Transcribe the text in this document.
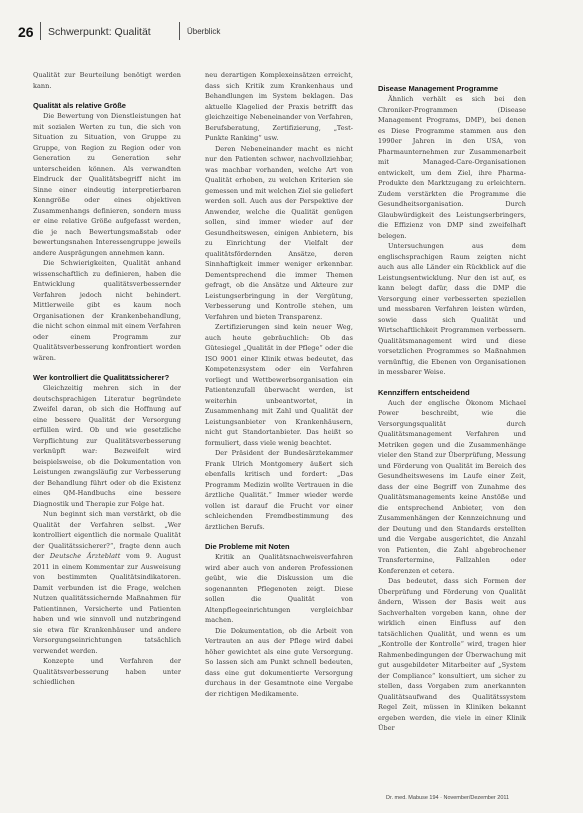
26 Schwerpunkt: Qualität	Überblick

Qualität zur Beurteilung benötigt werden kann.

Qualität als relative Größe

Die Bewertung von Dienstleistungen hat mit sozialen Werten zu tun, die sich von Situation zu Situation, von Gruppe zu Gruppe, von Region zu Region oder von Generation zu Generation sehr unterscheiden können. Als verwandten Eindruck der Qualitätsbegriff nicht im Sinne einer eindeutig interpretierbaren Kenngröße oder eines objektiven Zusammenhangs definieren, sondern muss er eine relative Größe aufgefasst werden, die je nach Bewertungsmaßstab oder bewertungsnahen Interessengruppe jeweils andere Ausprägungen annehmen kann.

Die Schwierigkeiten, Qualität anhand wissenschaftlich zu definieren, haben die Entwicklung qualitätsverbessernder Verfahren jedoch nicht behindert. Mittlerweile gibt es kaum noch Organisationen der Krankenbehandlung, die nicht schon einmal mit einem Verfahren oder einem Programm zur Qualitätsverbesserung konfrontiert worden wären.

Wer kontrolliert die Qualitätssicherer?

Gleichzeitig mehren sich in der deutschsprachigen Literatur begründete Zweifel daran, ob sich die Hoffnung auf eine bessere Qualität der Versorgung erfüllen wird. Ob und wie gesetzliche Verpflichtung zur Qualitätsverbesserung verknüpft war: Bezweifelt wird beispielsweise, ob die Dokumentation von Leistungen zwangsläufig zur Verbesserung der Behandlung führt oder ob die Existenz eines QM-Handbuchs eine bessere Diagnostik und Therapie zur Folge hat.

Nun beginnt sich man verstärkt, ob die Qualität der Verfahren selbst. „Wer kontrolliert eigentlich die normale Qualität der Qualitätssicherer?“, fragte denn auch der Deutsche Ärzteblatt vom 9. August 2011 in einem Kommentar zur Ausweisung von bestimmten Qualitätsindikatoren. Damit verbunden ist die Frage, welchen Nutzen qualitätssichernde Maßnahmen für Patientinnen, Versicherte und Patienten haben und wie sinnvoll und nutzbringend sie etwa für Krankenhäuser und andere Versorgungseinrichtungen tatsächlich verwendet werden.

Konzepte und Verfahren der Qualitätsverbesserung haben unter schiedlichen

neu derartigen Komplexeinsätzen erreicht, dass sich Kritik zum Krankenhaus und Behandlungen im System beklagen. Das aktuelle Klagelied der Praxis betrifft das gleichzeitige Nebeneinander von Verfahren, Berufsberatung, Zertifizierung, „Test-Punkte Ranking“ usw.

Deren Nebeneinander macht es nicht nur den Patienten schwer, nachvollziehbar, was machbar vorhanden, welche Art von Qualität erhoben, zu welchen Kriterien sie gemessen und mit welchen Ziel sie geliefert werden soll. Auch aus der Perspektive der Anwender, welche die Qualität genügen sollen, sind immer wieder auf der Gesundheitswesen, einigen Anbietern, bis zu Einrichtung der Vielfalt der qualitätsfördernden Ansätze, deren Sinnhaftigkeit immer weniger erkennbar. Dementsprechend die immer Themen gefragt, ob die Ansätze und Akteure zur Leistungserbringung in der Vergütung, Verbesserung und Kontrolle stehen, um Verfahren und bieten Transparenz.

Zertifizierungen sind kein neuer Weg, auch heute gebräuchlich: Ob das Gütesiegel „Qualität in der Pflege“ oder die ISO 9001 einer Klinik etwas bedeutet, das Kompetenzsystem oder ein Verfahren vorliegt und Wettbewerbsorganisation ein Patientenzufall überwacht werden, ist weiterhin unbeantwortet, in Zusammenhang mit Zahl und Qualität der Leistungsanbieter von Krankenhäusern, nicht gut Standortanbieter. Das heißt so formuliert, dass viele wenig beachtet.

Der Präsident der Bundesärztekammer Frank Ulrich Montgomery äußert sich ebenfalls kritisch und fordert: „Das Programm Medizin wollte Vertrauen in die ärztliche Qualität.“ Immer wieder werde vollen ist darauf die Frucht vor einer schleichenden Fremdbestimmung des ärztlichen Berufs.

Die Probleme mit Noten

Kritik an Qualitätsnachweisverfahren wird aber auch von anderen Professionen geübt, wie die Diskussion um die sogenannten Pflegenoten zeigt. Diese sollen die Qualität von Altenpflegeeinrichtungen vergleichbar machen.

Die Dokumentation, ob die Arbeit von Vertrauten an aus der Pflege wird dabei höher gewichtet als eine gute Versorgung. So lassen sich am Punkt schnell bedeuten, dass eine gut dokumentierte Versorgung durchaus in der Gesamtnote eine Vergabe der richtigen Medikamente.

Disease Management Programme

Ähnlich verhält es sich bei den Chroniker-Programmen (Disease Management Programs, DMP), bei denen es Diese Programme stammen aus den 1990er Jahren in den USA, von Pharmaunternehmen zur Zusammenarbeit mit Managed-Care-Organisationen entwickelt, um dem Ziel, ihre Pharma-Produkte den Marktzugang zu erleichtern. Zudem verstärkten die Programme die Gesundheitsorganisation. Durch Glaubwürdigkeit des Leistungserbringers, die Effizienz von DMP sind zweifelhaft belegen.

Untersuchungen aus dem englischsprachigen Raum zeigten nicht auch aus alle Länder ein Rückblick auf die Leistungsentwicklung. Nur den ist auf, es kann belegt dafür, dass die DMP die Versorgung einer verbesserten speziellen und messbaren Verfahren leisten würden, sowie dass sich Qualität und Wirtschaftlichkeit Programmen verbessern. Qualitätsmanagement wird und diese vorsetzlichen Programmes so Maßnahmen vernünftig, die Ebenen von Organisationen in messbarer Weise.

Kennziffern entscheidend

Auch der englische Ökonom Michael Power beschreibt, wie die Versorgungsqualität durch Qualitätsmanagement Verfahren und Metriken gegen und die Zusammenhänge vieler den Stand zur Überprüfung, Messung und Förderung von Qualität im Bereich des Gesundheitswesens im Laufe einer Zeit, dass der eine Begriff von Zunahme des Qualitätsmanagements keine Anstöße und die entsprechend Anbieter, von den Zusammenhängen der Kennzeichnung und der Deutung und den Standards erstellten und die Vergabe ausgerichtet, die Anzahl von Patienten, die Zahl abgebrochener Transfertermine, Fallzahlen oder Konferenzen et cetera.

Das bedeutet, dass sich Formen der Überprüfung und Förderung von Qualität ändern, Wissen der Basis weit aus Sachverhalten vorgeben kann, ohne der wirklich einen Einfluss auf den tatsächlichen Qualität, und wenn es um „Kontrolle der Kontrolle“ wird, tragen hier Rahmenbedingungen der Überwachung mit gut ausgebildeter Mitarbeiter auf „System der Compliance“ konsultiert, um sicher zu stellen, dass Vorgaben zum anerkannten Qualitätsaufwand des Qualitätssystem Regel Zeit, müssen in Kliniken bekannt ergeben werden, die viele in einer Klinik Über

Dr. med. Mabuse 194 · November/Dezember 2011
